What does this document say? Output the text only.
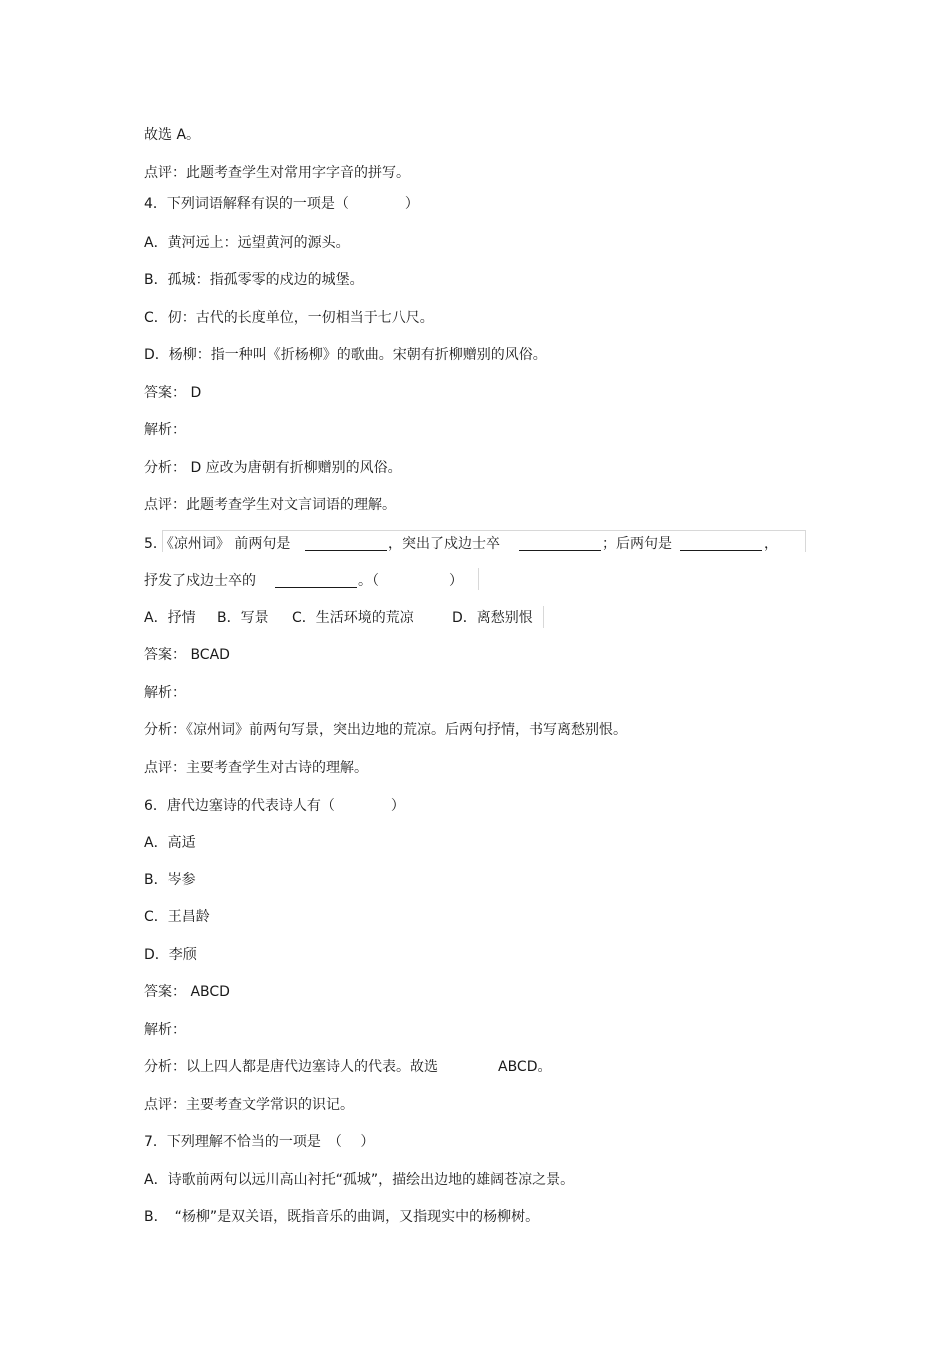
故选 A。
点评：此题考查学生对常用字字音的拼写。
4．下列词语解释有误的一项是（　　　　）
A．黄河远上：远望黄河的源头。
B．孤城：指孤零零的戍边的城堡。
C．仞：古代的长度单位，一仞相当于七八尺。
D．杨柳：指一种叫《折杨柳》的歌曲。宋朝有折柳赠别的风俗。
答案： D
解析：
分析： D 应改为唐朝有折柳赠别的风俗。
点评：此题考查学生对文言词语的理解。
5．《凉州词》 前两句是	，突出了戍边士卒	；后两句是	，
抒发了戍边士卒的	。（　　　　　）
A．抒情 B．写景 C．生活环境的荒凉	D．离愁别恨
答案： BCAD
解析：
分析：《凉州词》前两句写景，突出边地的荒凉。后两句抒情，书写离愁别恨。
点评：主要考查学生对古诗的理解。
6．唐代边塞诗的代表诗人有（　　　　）
A．高适
B．岑参
C．王昌龄
D．李颀
答案： ABCD
解析：
分析：以上四人都是唐代边塞诗人的代表。故选	ABCD。
点评：主要考查文学常识的识记。
7．下列理解不恰当的一项是　（　 ）
A．诗歌前两句以远川高山衬托“孤城”，描绘出边地的雄阔苍凉之景。
B．　“杨柳”是双关语，既指音乐的曲调，又指现实中的杨柳树。
